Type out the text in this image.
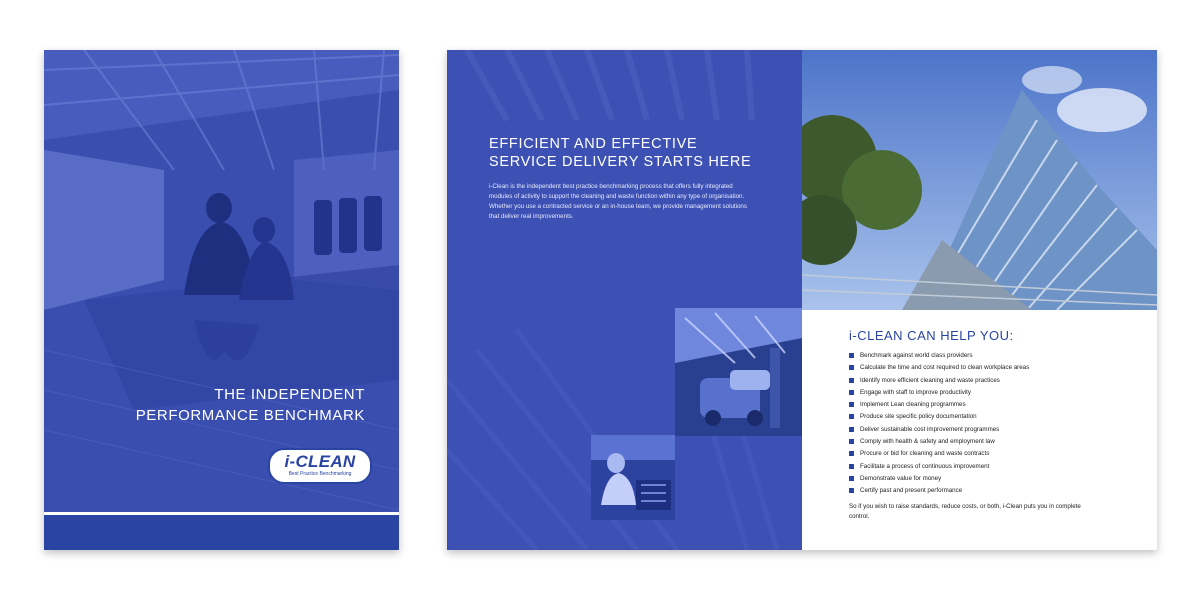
THE INDEPENDENT
PERFORMANCE BENCHMARK
i-CLEAN
Best Practice Benchmarking
EFFICIENT AND EFFECTIVE
SERVICE DELIVERY STARTS HERE

i-Clean is the independent best practice benchmarking process that offers fully integrated modules of activity to support the cleaning and waste function within any type of organisation. Whether you use a contracted service or an in-house team, we provide management solutions that deliver real improvements.

i-CLEAN CAN HELP YOU:
Benchmark against world class providers
Calculate the time and cost required to clean workplace areas
Identify more efficient cleaning and waste practices
Engage with staff to improve productivity
Implement Lean cleaning programmes
Produce site specific policy documentation
Deliver sustainable cost improvement programmes
Comply with health & safety and employment law
Procure or bid for cleaning and waste contracts
Facilitate a process of continuous improvement
Demonstrate value for money
Certify past and present performance

So if you wish to raise standards, reduce costs, or both, i-Clean puts you in complete control.
